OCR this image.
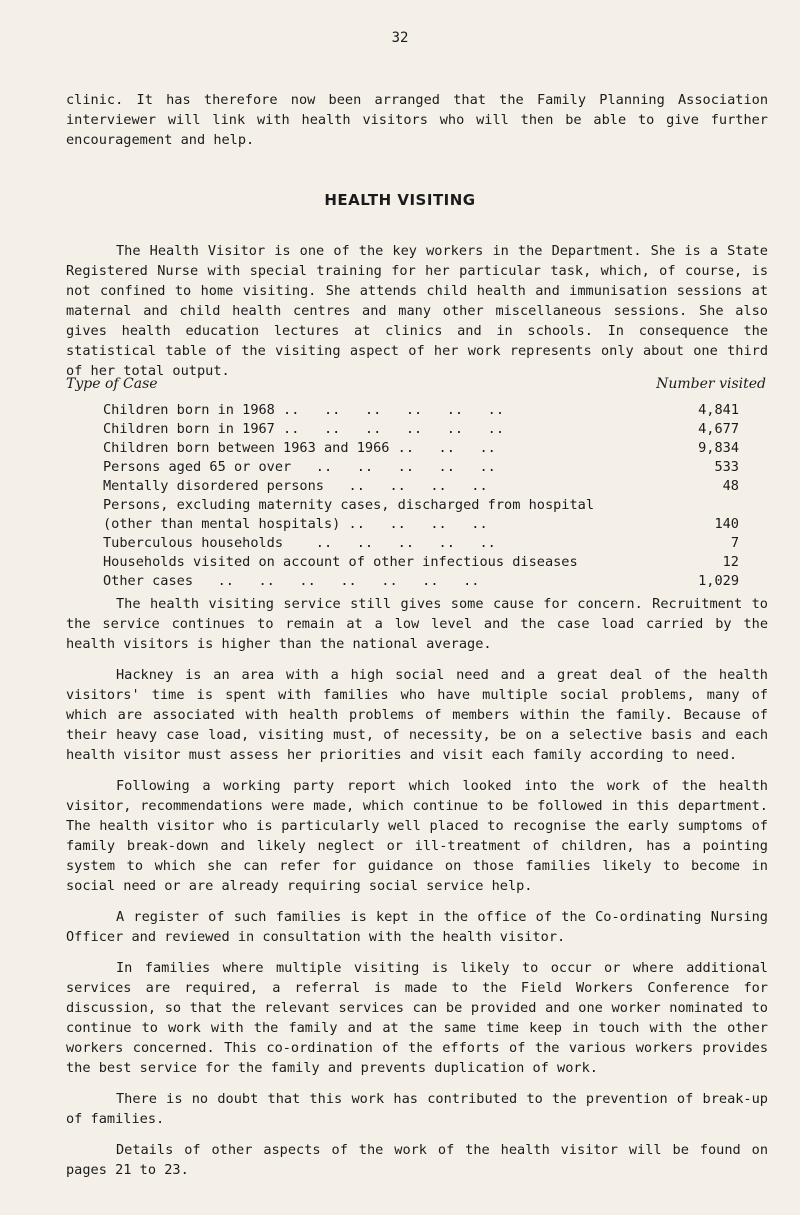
32

clinic. It has therefore now been arranged that the Family Planning Association interviewer will link with health visitors who will then be able to give further encouragement and help.

HEALTH VISITING

The Health Visitor is one of the key workers in the Department. She is a State Registered Nurse with special training for her particular task, which, of course, is not confined to home visiting. She attends child health and immunisation sessions at maternal and child health centres and many other miscellaneous sessions. She also gives health education lectures at clinics and in schools. In consequence the statistical table of the visiting aspect of her work represents only about one third of her total output.

Type of Case	Number visited
Children born in 1968 ..   ..   ..   ..   ..   ..	4,841
Children born in 1967 ..   ..   ..   ..   ..   ..	4,677
Children born between 1963 and 1966 ..   ..   ..	9,834
Persons aged 65 or over   ..   ..   ..   ..   ..	533
Mentally disordered persons   ..   ..   ..   ..	48
Persons, excluding maternity cases, discharged from hospital
(other than mental hospitals) ..   ..   ..   ..	140
Tuberculous households    ..   ..   ..   ..   ..	7
Households visited on account of other infectious diseases	12
Other cases   ..   ..   ..   ..   ..   ..   ..	1,029

The health visiting service still gives some cause for concern. Recruitment to the service continues to remain at a low level and the case load carried by the health visitors is higher than the national average.

Hackney is an area with a high social need and a great deal of the health visitors' time is spent with families who have multiple social problems, many of which are associated with health problems of members within the family. Because of their heavy case load, visiting must, of necessity, be on a selective basis and each health visitor must assess her priorities and visit each family according to need.

Following a working party report which looked into the work of the health visitor, recommendations were made, which continue to be followed in this department. The health visitor who is particularly well placed to recognise the early sumptoms of family break-down and likely neglect or ill-treatment of children, has a pointing system to which she can refer for guidance on those families likely to become in social need or are already requiring social service help.

A register of such families is kept in the office of the Co-ordinating Nursing Officer and reviewed in consultation with the health visitor.

In families where multiple visiting is likely to occur or where additional services are required, a referral is made to the Field Workers Conference for discussion, so that the relevant services can be provided and one worker nominated to continue to work with the family and at the same time keep in touch with the other workers concerned. This co-ordination of the efforts of the various workers provides the best service for the family and prevents duplication of work.

There is no doubt that this work has contributed to the prevention of break-up of families.

Details of other aspects of the work of the health visitor will be found on pages 21 to 23.
